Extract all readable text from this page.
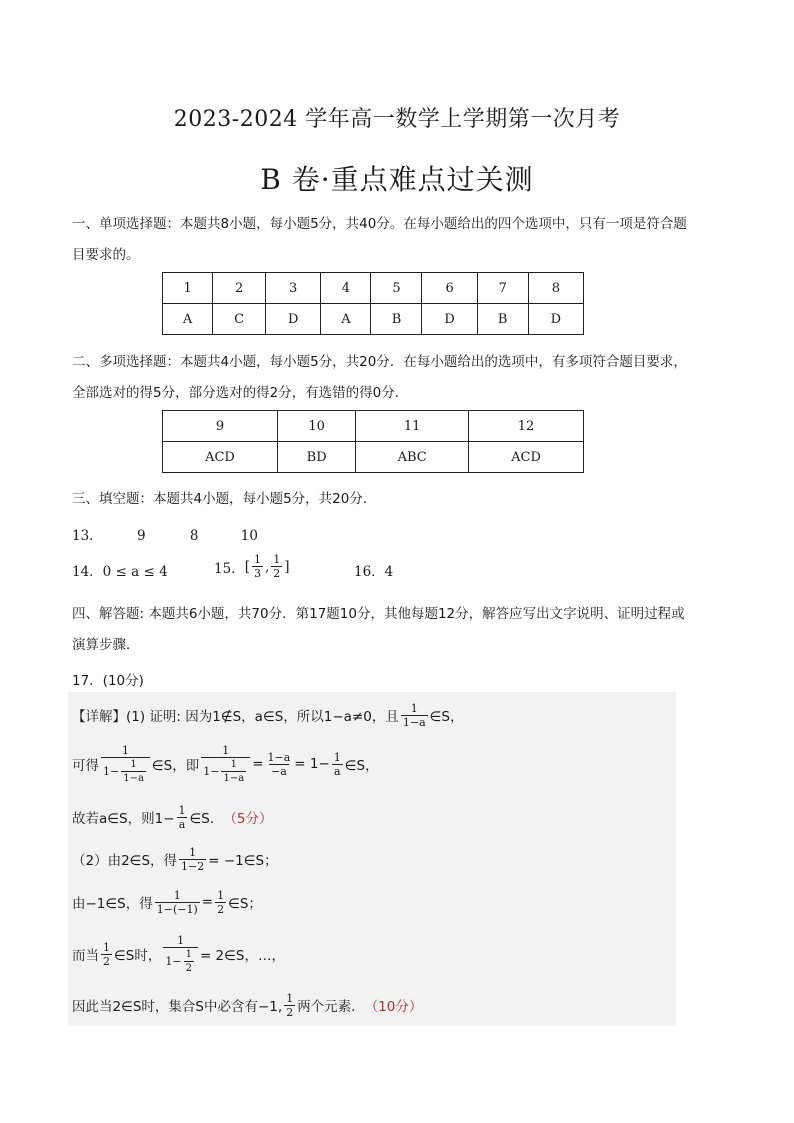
2023-2024 学年高一数学上学期第一次月考
B 卷·重点难点过关测
一、单项选择题：本题共8小题，每小题5分，共40分。在每小题给出的四个选项中，只有一项是符合题目要求的。
1	2	3	4	5	6	7	8
A	C	D	A	B	D	B	D
二、多项选择题：本题共4小题，每小题5分，共20分．在每小题给出的选项中，有多项符合题目要求，全部选对的得5分，部分选对的得2分，有选错的得0分．
9	10	11	12
ACD	BD	ABC	ACD
三、填空题：本题共4小题，每小题5分，共20分．
13．	9	8	10
14．0 ≤ a ≤ 4	15． [ $\frac{1}{3}$ , $\frac{1}{2}$ ]	16．4
四、解答题: 本题共6小题，共70分．第17题10分，其他每题12分，解答应写出文字说明、证明过程或演算步骤．
17．(10分)
【详解】(1) 证明: 因为1∉S，a∈S，所以1−a≠0，且 $\frac{1}{1-a}$ ∈S，
可得 $\frac{1}{1- \frac{1}{1-a}}$ ∈S，即 $\frac{1}{1- \frac{1}{1-a}} = \frac{1-a}{-a} = 1- \frac{1}{a}$ ∈S，
故若a∈S，则$1- \frac{1}{a}$ ∈S． （5分）
（2）由2∈S，得 $\frac{1}{1-2}$ = −1∈S；
由−1∈S，得 $\frac{1}{1-(-1)} = \frac{1}{2}$ ∈S；
而当 $\frac{1}{2}$ ∈S时， $\frac{1}{1- \frac{1}{2}}$ = 2∈S，…，
因此当2∈S时，集合S中必含有−1, $\frac{1}{2}$ 两个元素． （10分）
